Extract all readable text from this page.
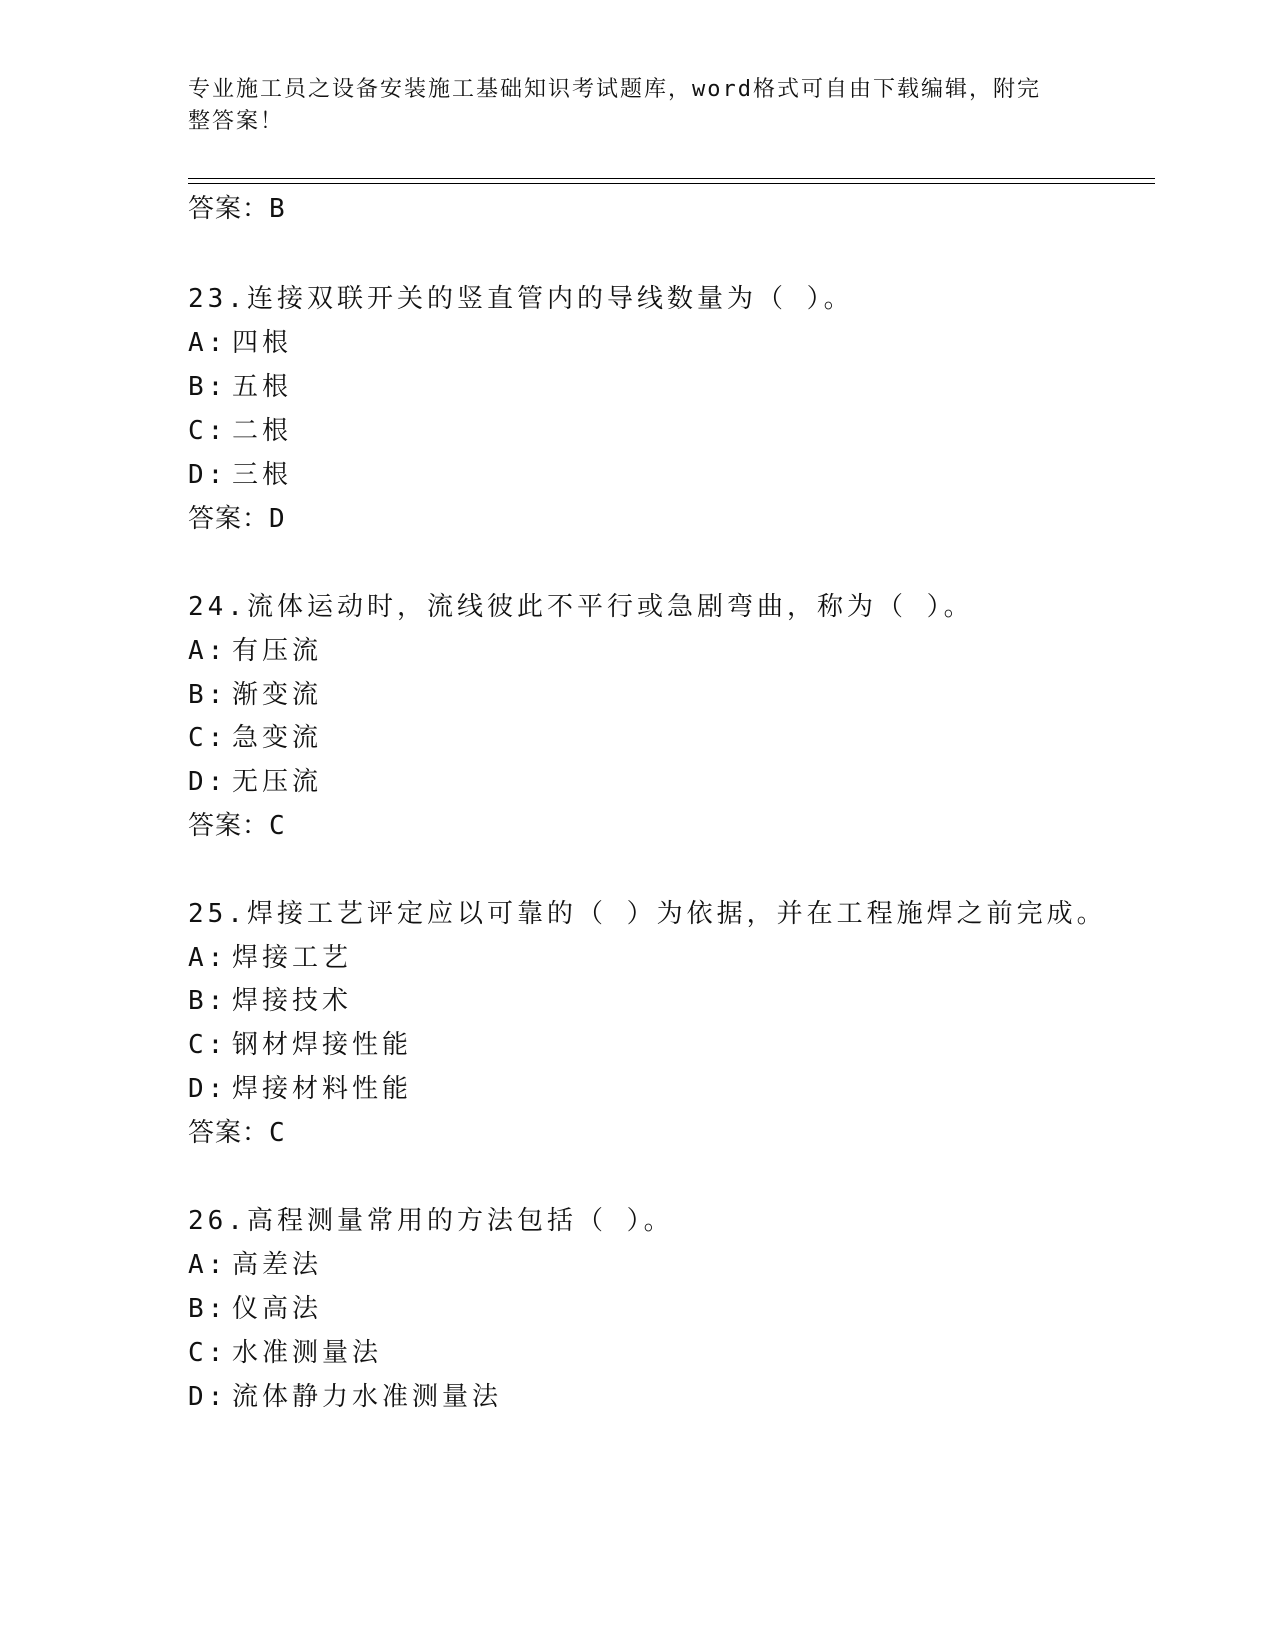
专业施工员之设备安装施工基础知识考试题库，word格式可自由下载编辑，附完
整答案！
答案：B
23.连接双联开关的竖直管内的导线数量为（ ）。
A: 四根
B: 五根
C: 二根
D: 三根
答案：D
24.流体运动时，流线彼此不平行或急剧弯曲，称为（ ）。
A: 有压流
B: 渐变流
C: 急变流
D: 无压流
答案：C
25.焊接工艺评定应以可靠的（ ）为依据，并在工程施焊之前完成。
A: 焊接工艺
B: 焊接技术
C: 钢材焊接性能
D: 焊接材料性能
答案：C
26.高程测量常用的方法包括（ ）。
A: 高差法
B: 仪高法
C: 水准测量法
D: 流体静力水准测量法
